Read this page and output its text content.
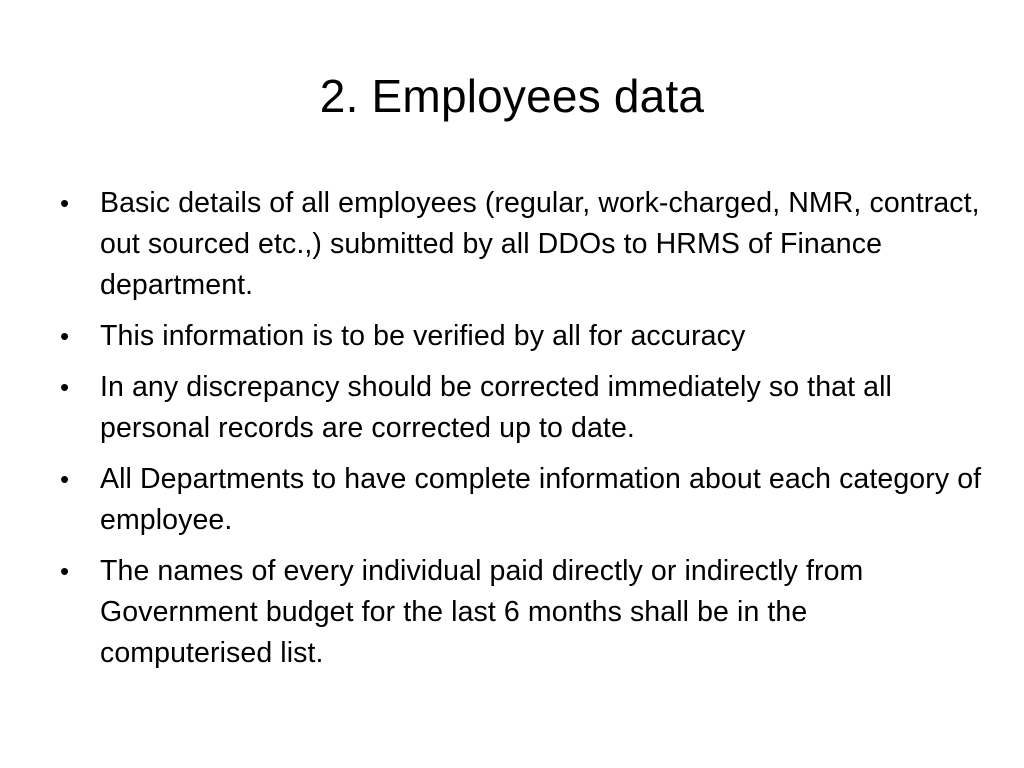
2. Employees data
• Basic details of all employees (regular, work-charged, NMR, contract, out sourced etc.,) submitted by all DDOs to HRMS of Finance department.
• This information is to be verified by all for accuracy
• In any discrepancy should be corrected immediately so that all personal records are corrected up to date.
• All Departments to have complete information about each category of employee.
• The names of every individual paid directly or indirectly from Government budget for the last 6 months shall be in the computerised list.
